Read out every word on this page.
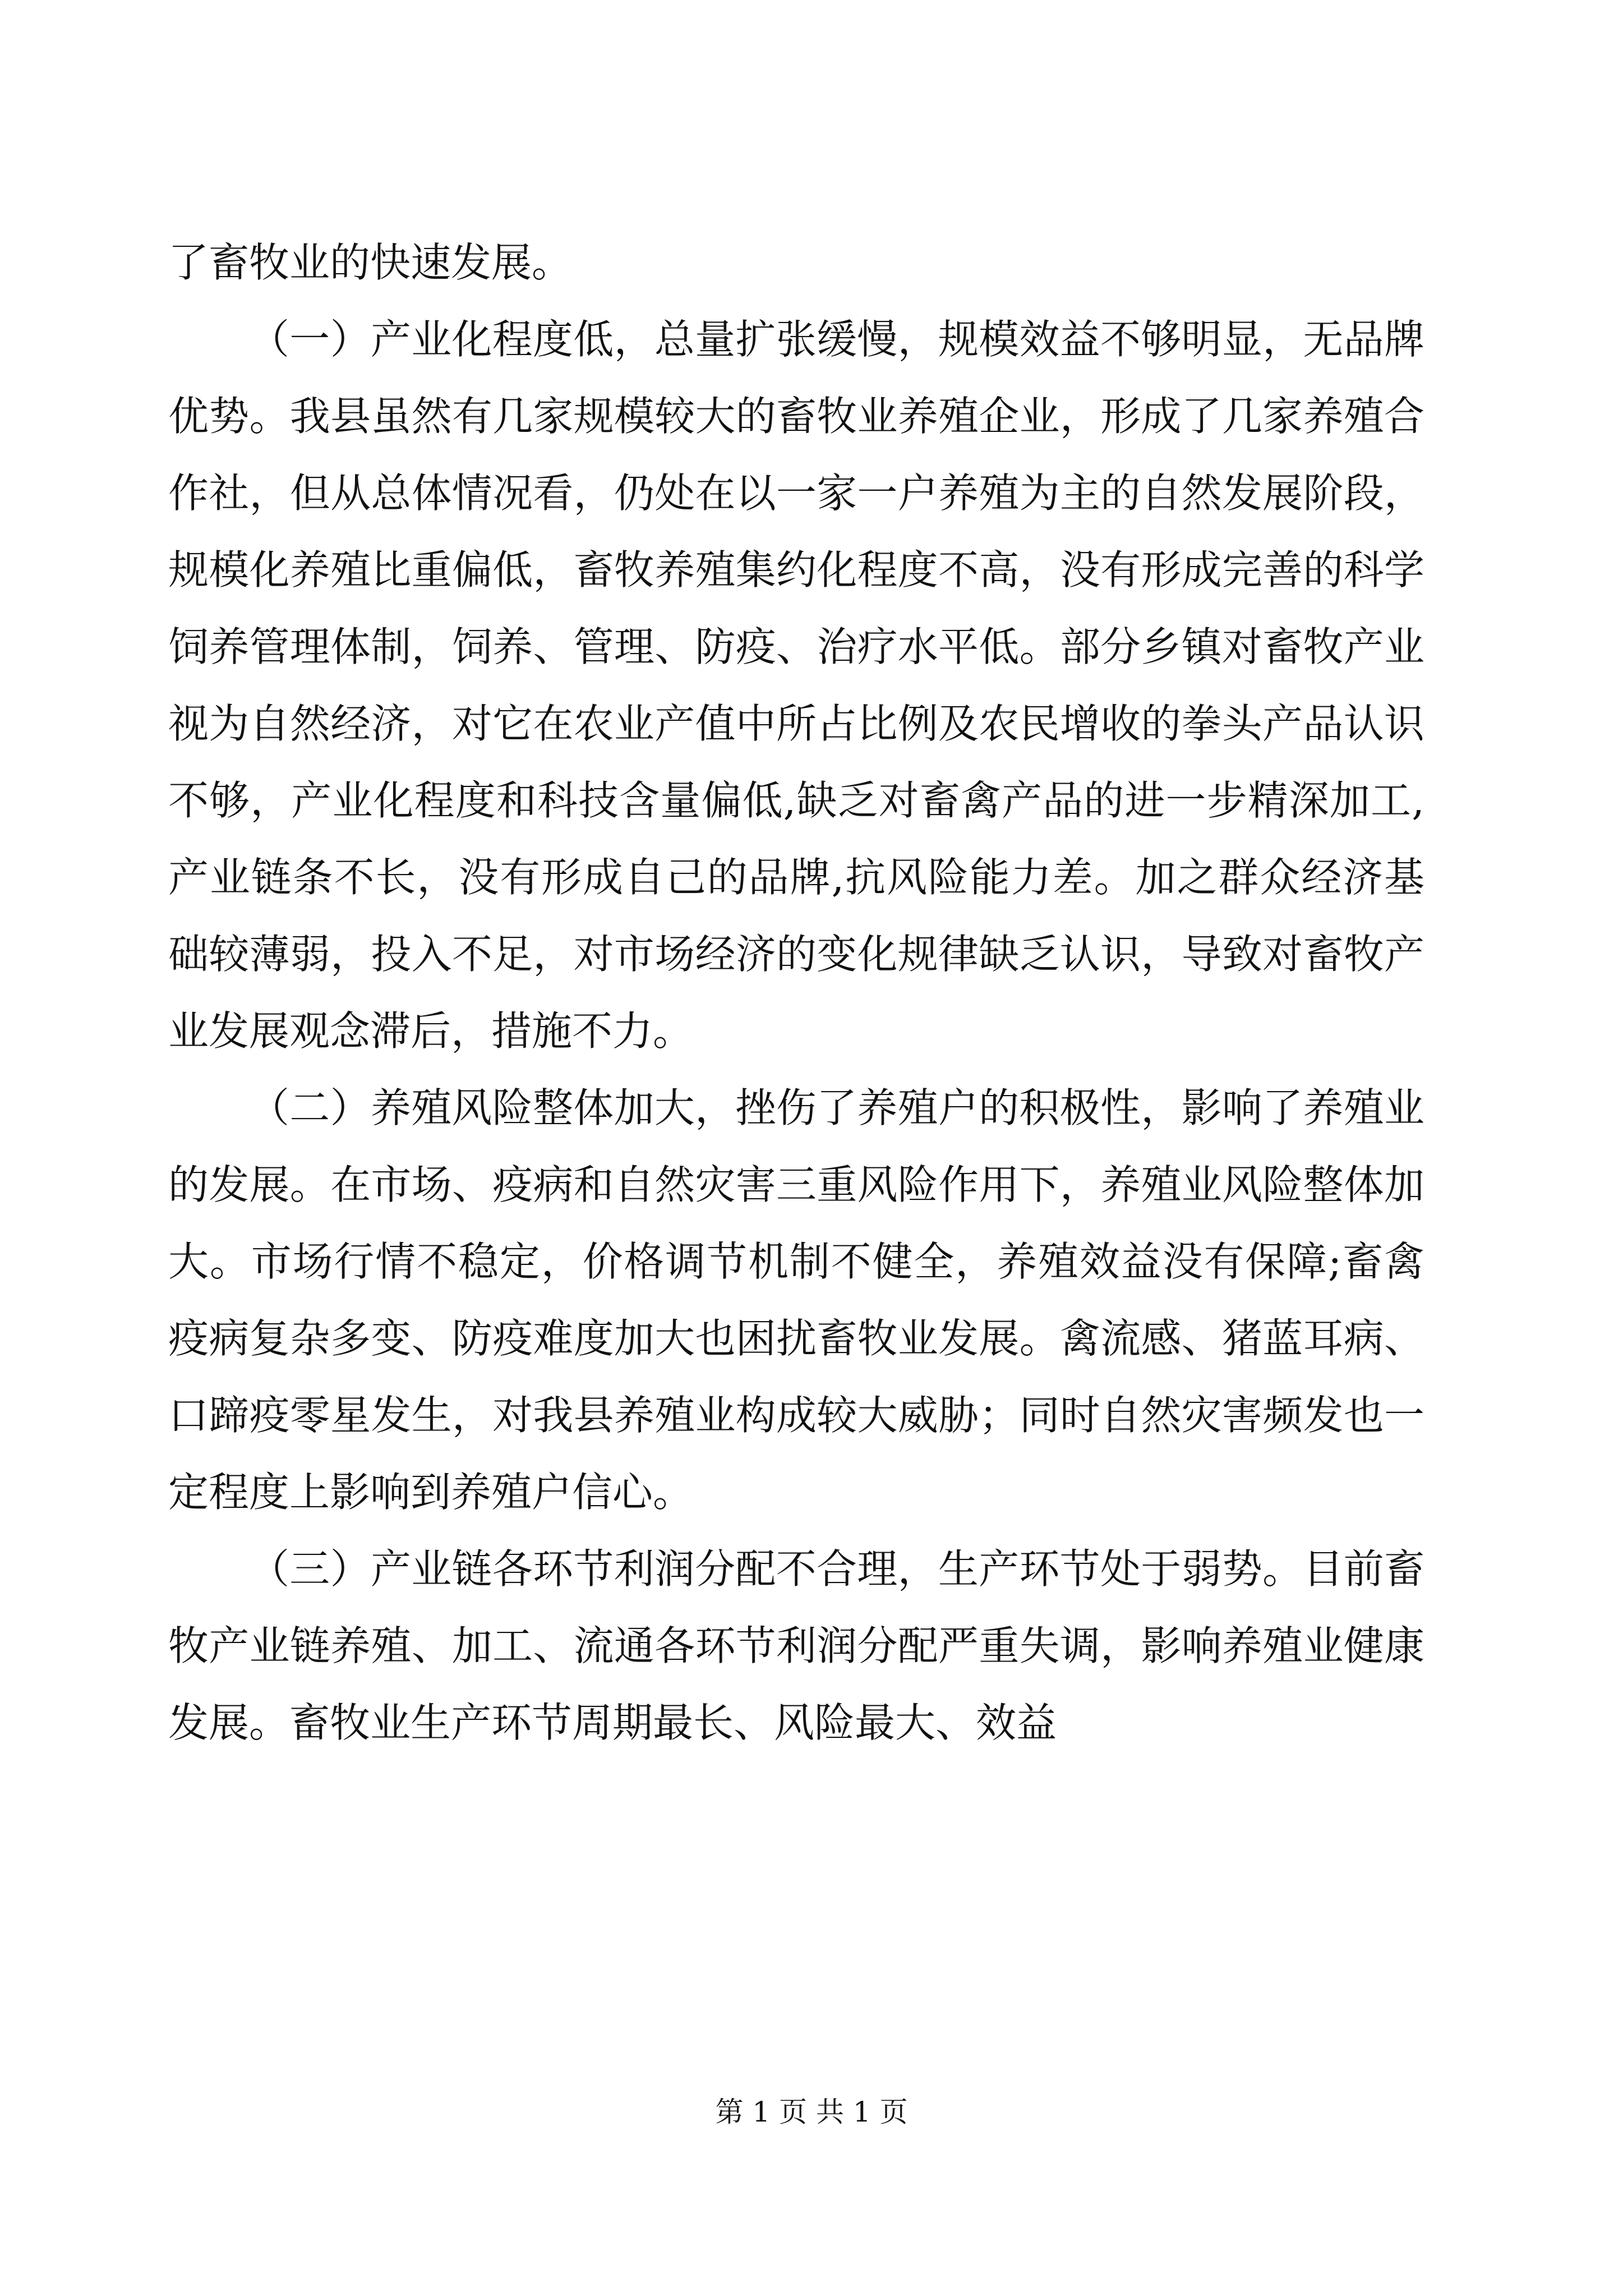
了畜牧业的快速发展。

（一）产业化程度低，总量扩张缓慢，规模效益不够明显，无品牌优势。我县虽然有几家规模较大的畜牧业养殖企业，形成了几家养殖合作社，但从总体情况看，仍处在以一家一户养殖为主的自然发展阶段，规模化养殖比重偏低，畜牧养殖集约化程度不高，没有形成完善的科学饲养管理体制，饲养、管理、防疫、治疗水平低。部分乡镇对畜牧产业视为自然经济，对它在农业产值中所占比例及农民增收的拳头产品认识不够，产业化程度和科技含量偏低,缺乏对畜禽产品的进一步精深加工,产业链条不长，没有形成自己的品牌,抗风险能力差。加之群众经济基础较薄弱，投入不足，对市场经济的变化规律缺乏认识，导致对畜牧产业发展观念滞后，措施不力。

（二）养殖风险整体加大，挫伤了养殖户的积极性，影响了养殖业的发展。在市场、疫病和自然灾害三重风险作用下，养殖业风险整体加大。市场行情不稳定，价格调节机制不健全，养殖效益没有保障;畜禽疫病复杂多变、防疫难度加大也困扰畜牧业发展。禽流感、猪蓝耳病、口蹄疫零星发生，对我县养殖业构成较大威胁；同时自然灾害频发也一定程度上影响到养殖户信心。

（三）产业链各环节利润分配不合理，生产环节处于弱势。目前畜牧产业链养殖、加工、流通各环节利润分配严重失调，影响养殖业健康发展。畜牧业生产环节周期最长、风险最大、效益

第 1 页 共 1 页
